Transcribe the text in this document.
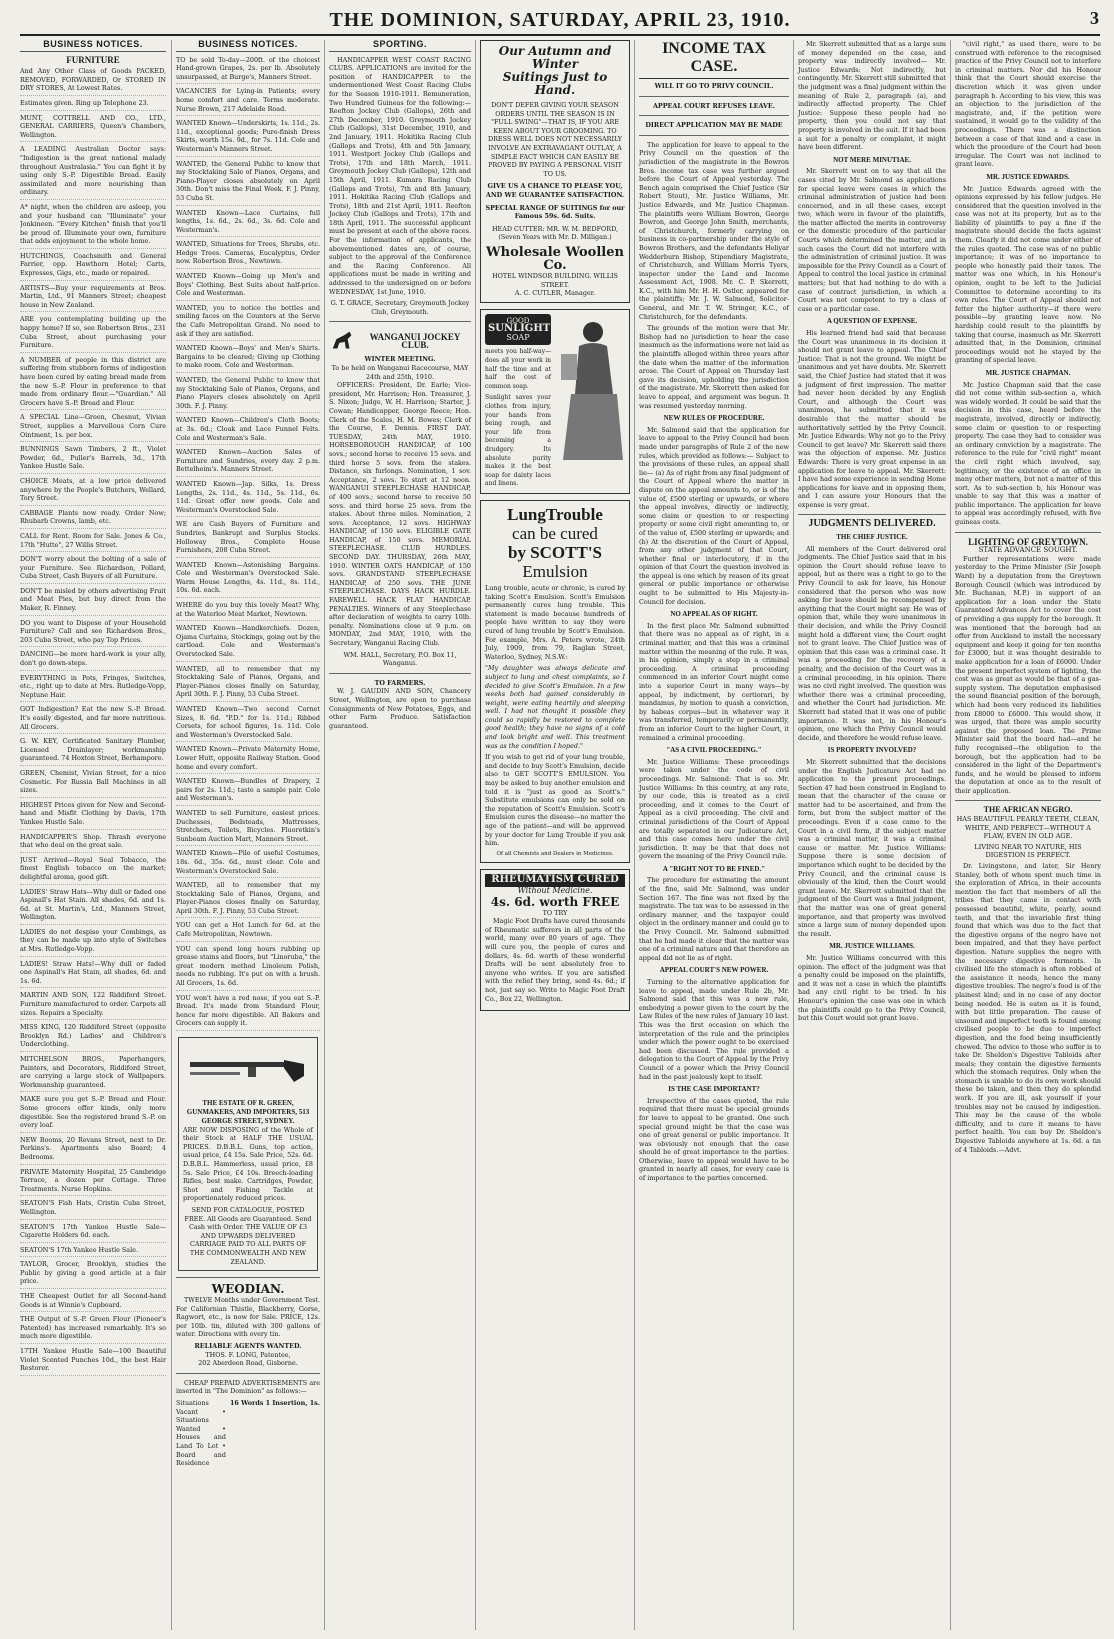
THE DOMINION, SATURDAY, APRIL 23, 1910.	3
BUSINESS NOTICES.
FURNITURE
And Any Other Class of Goods PACKED, REMOVED, FORWARDED, Or STORED IN DRY STORES, At Lowest Rates.
Estimates given. Ring up Telephone 23.
MUNT, COTTRELL AND CO., LTD., GENERAL CARRIERS, Queen's Chambers, Wellington.
A LEADING Australian Doctor says: "Indigestion is the great national malady throughout Australasia." You can fight it by using only S.-P. Digestible Bread. Easily assimilated and more nourishing than ordinary.
A* night, when the children are asleep, you and your husband can "Illuminate" your Jonkineen. "Every Kitchen" finish that you'll be proud of. Illuminate your own, furniture that adds enjoyment to the whole home.
HUTCHINGS, Coachsmith and General Farrier, opp. Hawthorn Hotel; Carts, Expresses, Gigs, etc., made or repaired.
ARTISTS—Buy your requirements at Bros. Martin, Ltd., 91 Manners Street; cheapest house in New Zealand.
ARE you contemplating building up the happy home? If so, see Robertson Bros., 231 Cuba Street, about purchasing your Furniture.
A NUMBER of people in this district are suffering from stubborn forms of indigestion have been cured by eating bread made from the new S.-P. Flour in preference to that made from ordinary flour.—"Guardian." All Grocers have S.-P. Bread and Flour.
A SPECIAL Line—Green, Chesnut, Vivian Street, supplies a Marvellous Corn Cure Ointment, 1s. per box.
BUNNINGS Sawn Timbers, 2 ft., Violet Powder, 6d., Puller's Barrels, 3d., 17th Yankee Hustle Sale.
CHOICE Meats, at a low price delivered anywhere by the People's Butchers, Wellard, Tory Street.
CABBAGE Plants now ready. Order Now; Rhubarb Crowns, lamb, etc.
CALL for Rent. Room for Sale. Jones & Co., 17th "Hutte", 27 Willis Street.
DON'T worry about the bolting of a sale of your Furniture. See Richardson, Pollard, Cuba Street, Cash Buyers of all Furniture.
DON'T be misled by others advertising Fruit and Meat Pies, but buy direct from the Maker, R. Finney.
DO you want to Dispose of your Household Furniture? Call and see Richardson Bros., 203 Cuba Street, who pay Top Prices.
DANCING—be more hard-work is your ally, don't go down-steps.
EVERYTHING in Pots, Fringes, Switches, etc., right up to date at Mrs. Rutledge-Vopp, Neptune Hair.
GOT Indigestion? Eat the new S.-P. Bread. It's easily digested, and far more nutritious. All Grocers.
G. W. KEY, Certificated Sanitary Plumber, Licensed Drainlayer; workmanship guaranteed. 74 Hoxton Street, Berhampore.
GREEN, Chemist, Vivian Street, for a nice Cosmetic. For Russia Ball Machines in all sizes.
HIGHEST Prices given for New and Second-hand and Misfit Clothing by Davis, 17th Yankee Hustle Sale.
HANDICAPPER'S Shop. Thrash everyone that who deal on the great sale.
JUST Arrived—Royal Seal Tobacco, the finest English tobacco on the market; delightful aroma, good gift.
LADIES' Straw Hats—Why dull or faded one Aspinall's Hat Stain. All shades, 6d. and 1s. 6d. at St. Martin's, Ltd., Manners Street, Wellington.
LADIES do not despise your Combings, as they can be made up into style of Switches at Mrs. Rutledge-Vopp.
LADIES! Straw Hats!—Why dull or faded one Aspinall's Hat Stain, all shades, 6d. and 1s. 6d.
MARTIN AND SON, 122 Riddiford Street. Furniture manufactured to order. Carpets all sizes. Repairs a Specialty.
MISS KING, 120 Riddiford Street (opposite Brooklyn Rd.) Ladies' and Children's Underclothing.
MITCHELSON BROS., Paperhangers, Painters, and Decorators, Riddiford Street, are carrying a large stock of Wallpapers. Workmanship guaranteed.
MAKE sure you get S.-P. Bread and Flour. Some grocers offer kinds, only more digestible. See the registered brand S.-P. on every loaf.
NEW Booms, 20 Revans Street, next to Dr. Perkins's. Apartments also Board; 4 Bedrooms.
PRIVATE Maternity Hospital, 25 Cambridge Terrace, a dozen per Cottage. Three Treatments. Nurse Hopkins.
SEATON'S Fish Hats, Cristin Cuba Street, Wellington.
SEATON'S 17th Yankee Hustle Sale—Cigarette Holders 6d. each.
SEATON'S 17th Yankee Hustle Sale.
TAYLOR, Grocer, Brooklyn, studies the Public by giving a good article at a fair price.
THE Cheapest Outlet for all Second-hand Goods is at Winnie's Cupboard.
THE Output of S.-P. Green Flour (Pioneer's Patented) has increased remarkably. It's so much more digestible.
17TH Yankee Hustle Sale—100 Beautiful Violet Scented Punches 10d., the best Hair Restorer.
BUSINESS NOTICES.
TO be sold To-day—200ft. of the choicest Hand-grown Grapes, 2s. per lb. Absolutely unsurpassed, at Burge's, Manners Street.
VACANCIES for Lying-in Patients; every home comfort and care. Terms moderate. Nurse Brown, 217 Adelaide Road.
WANTED Known—Underskirts, 1s. 11d., 2s. 11d., exceptional goods; Pure-finish Dress Skirts, worth 15s. 9d., for 7s. 11d. Cole and Westerman's Manners Street.
WANTED, the General Public to know that my Stocktaking Sale of Pianos, Organs, and Piano-Player closes absolutely on April 30th. Don't miss the Final Week. F. J. Pinny, 53 Cuba St.
WANTED Known—Lace Curtains, full lengths, 1s. 6d., 2s. 6d., 3s. 6d. Cole and Westerman's.
WANTED, Situations for Trees, Shrubs, etc. Hedge Trees. Cameras, Eucalyptus, Order now. Robertson Bros., Newtown.
WANTED Known—Going up Men's and Boys' Clothing. Best Suits about half-price. Cole and Westerman.
WANTED, you to notice the bottles and smiling faces on the Counters at the Serve the Cafe Metropolitan Grand. No need to ask if they are satisfied.
WANTED Known—Boys' and Men's Shirts. Bargains to be cleared; Giving up Clothing to make room. Cole and Westerman.
WANTED, the General Public to know that my Stocktaking Sale of Pianos, Organs, and Piano Players closes absolutely on April 30th. F. J. Pinny.
WANTED Known—Children's Cloth Boots; at 3s. 6d.; Cloak and Lace Funnel Felts. Cole and Westerman's Sale.
WANTED Known—Auction Sales of Furniture and Sundries, every day. 2 p.m. Bettelheim's. Manners Street.
WANTED Known—Jap. Silks, 1s. Dress Lengths, 2s. 11d., 4s. 11d., 5s. 11d., 6s. 11d. Great offer new goods. Cole and Westerman's Overstocked Sale.
WE are Cash Buyers of Furniture and Sundries, Bankrupt and Surplus Stocks. Holloway Bros., Complete House Furnishers, 208 Cuba Street.
WANTED Known—Astonishing Bargains. Cole and Westerman's Overstocked Sale. Warm House Lengths, 4s. 11d., 8s. 11d., 10s. 6d. each.
WHERE do you buy this lovely Meat? Why, at the Waterloo Meat Market, Newtown.
WANTED Known—Handkerchiefs. Dozen, Ojama Curtains, Stockings, going out by the cartload. Cole and Westerman's Overstocked Sale.
WANTED, all to remember that my Stocktaking Sale of Pianos, Organs, and Player-Pianos closes finally on Saturday, April 30th. F. J. Pinny, 53 Cuba Street.
WANTED Known—Two second Cornet Sizes, 8. 6d. "P.D." for 1s. 11d.; Ribbed Corsets, for school figures, 1s. 11d. Cole and Westerman's Overstocked Sale.
WANTED Known—Private Maternity Home, Lower Hutt, opposite Railway Station. Good home and every comfort.
WANTED Known—Bundles of Drapery, 2 pairs for 2s. 11d.; taste a sample pair. Cole and Westerman's.
WANTED to sell Furniture, easiest prices. Duchesses, Bedsteads, Mattresses, Stretchers, Toilets, Bicycles. Fluoretkin's Sunbeam Auction Mart, Manners Street.
WANTED Known—Pile of useful Costumes, 18s. 6d., 35s. 6d., must clear. Cole and Westerman's Overstocked Sale.
WANTED, all to remember that my Stocktaking Sale of Pianos, Organs, and Player-Pianos closes finally on Saturday, April 30th. F. J. Pinny, 53 Cuba Street.
YOU can get a Hot Lunch for 6d. at the Cafe Metropolitan, Newtown.
YOU can spend long hours rubbing up grease stains and floors, but "Linoruba," the great modern method Linoleum Polish, needs no rubbing. It's put on with a brush. All Grocers, 1s. 6d.
YOU won't have a red nose, if you eat S.-P. Bread. It's made from Standard Flour, hence far more digestible. All Bakers and Grocers can supply it.
THE ESTATE OF R. GREEN, GUNMAKERS, AND IMPORTERS, 513 GEORGE STREET, SYDNEY.
ARE NOW DISPOSING of the Whole of their Stock at HALF THE USUAL PRICES. D.B.B.L. Guns, top action, usual price, £4 15s. Sale Price, 52s. 6d. D.B.B.L. Hammerless, usual price, £8 5s. Sale Price, £4 10s. Breech-loading Rifles, best make. Cartridges, Powder, Shot and Fishing Tackle at proportionately reduced prices.
SEND FOR CATALOGUE, POSTED FREE. All Goods are Guaranteed. Send Cash with Order. THE VALUE OF £3 AND UPWARDS DELIVERED CARRIAGE PAID TO ALL PARTS OF THE COMMONWEALTH AND NEW ZEALAND.
WEODIAN.
TWELVE Months under Government Test. For Californian Thistle, Blackberry, Gorse, Ragwort, etc., is now for Sale. PRICE, 12s. per 10lb. tin, diluted with 300 gallons of water. Directions with every tin.
RELIABLE AGENTS WANTED.
THOS. F. LONG, Patentee,
202 Aberdeen Road, Gisborne.
CHEAP PREPAID ADVERTISEMENTS are inserted in "The Dominion" as follows:—
Situations Vacant • Situations Wanted • Houses and Land To Let • Board and Residence
16 Words 1 Insertion, 1s.
SPORTING.
HANDICAPPER WEST COAST RACING CLUBS. APPLICATIONS are invited for the position of HANDICAPPER to the undermentioned West Coast Racing Clubs for the Season 1910-1911. Remuneration, Two Hundred Guineas for the following:— Reefton Jockey Club (Gallops), 26th and 27th December, 1910. Greymouth Jockey Club (Gallops), 31st December, 1910, and 2nd January, 1911. Hokitika Racing Club (Gallops and Trots), 4th and 5th January, 1911. Westport Jockey Club (Gallops and Trots), 17th and 18th March, 1911. Greymouth Jockey Club (Gallops), 12th and 15th April, 1911. Kumara Racing Club (Gallops and Trots), 7th and 8th January, 1911. Hokitika Racing Club (Gallops and Trots), 18th and 21st April, 1911. Reefton Jockey Club (Gallops and Trots), 17th and 18th April, 1911. The successful applicant must be present at each of the above races. For the information of applicants, the abovementioned dates are, of course, subject to the approval of the Conference and the Racing Conference. All applications must be made in writing and addressed to the undersigned on or before WEDNESDAY, 1st June, 1910.
G. T. GRACE, Secretary, Greymouth Jockey Club, Greymouth.
WANGANUI JOCKEY CLUB.
WINTER MEETING.
To be held on Wanganui Racecourse, MAY 24th and 25th, 1910.
OFFICERS: President, Dr. Earle; Vice-president, Mr. Harrison; Hon. Treasurer, J. S. Nixon; Judge, W. H. Harrison; Starter, J. Cowan; Handicapper, George Reece; Hon. Clerk of the Scales, H. M. Bowes; Clerk of the Course, F. Dennis. FIRST DAY. TUESDAY, 24th MAY, 1910. HORSEBOROUGH HANDICAP, of 100 sovs.; second horse to receive 15 sovs. and third horse 5 sovs. from the stakes. Distance, six furlongs. Nomination, 1 sov. Acceptance, 2 sovs. To start at 12 noon. WANGANUI STEEPLECHASE HANDICAP, of 400 sovs.; second horse to receive 50 sovs. and third horse 25 sovs. from the stakes. About three miles. Nomination, 2 sovs. Acceptance, 12 sovs. HIGHWAY HANDICAP, of 150 sovs. ELIGIBLE GATE HANDICAP, of 150 sovs. MEMORIAL STEEPLECHASE. CLUB HURDLES. SECOND DAY. THURSDAY, 26th MAY, 1910. WINTER OATS HANDICAP, of 150 sovs. GRANDSTAND STEEPLECHASE HANDICAP, of 250 sovs. THE JUNE STEEPLECHASE. DAYS HACK HURDLE. FAREWELL HACK FLAT HANDICAP. PENALTIES. Winners of any Steeplechase after declaration of weights to carry 10lb. penalty. Nominations close at 9 p.m. on MONDAY, 2nd MAY, 1910, with the Secretary, Wanganui Racing Club.
WM. HALL, Secretary, P.O. Box 11, Wanganui.
TO FARMERS.
W. J. GAUDIN AND SON, Chancery Street, Wellington, are open to purchase Consignments of New Potatoes, Eggs, and other Farm Produce. Satisfaction guaranteed.
Our Autumn and Winter
Suitings Just to Hand.
DON'T DEFER GIVING YOUR SEASON ORDERS UNTIL THE SEASON IS IN "FULL SWING"—THAT IS, IF YOU ARE KEEN ABOUT YOUR GROOMING. TO DRESS WELL DOES NOT NECESSARILY INVOLVE AN EXTRAVAGANT OUTLAY, A SIMPLE FACT WHICH CAN EASILY BE PROVED BY PAYING A PERSONAL VISIT TO US.
GIVE US A CHANCE TO PLEASE YOU, AND WE GUARANTEE SATISFACTION.
SPECIAL RANGE OF SUITINGS for our Famous 59s. 6d. Suits.
HEAD CUTTER: MR. W. M. BEDFORD, (Seven Years with Mr. D. Milligan.)
Wholesale Woollen Co.
HOTEL WINDSOR BUILDING. WILLIS STREET.
A. C. CUTLER, Manager.
GOOD
SUNLIGHT
SOAP
meets you half-way—does all your work in half the time and at half the cost of common soap.
Sunlight saves your clothes from injury, your hands from being rough, and your life from becoming a drudgery. Its absolute purity makes it the best soap for dainty laces and linens.
LungTrouble
can be cured
by SCOTT'S
Emulsion
Lung trouble, acute or chronic, is cured by taking Scott's Emulsion. Scott's Emulsion permanently cures lung trouble. This statement is made because hundreds of people have written to say they were cured of lung trouble by Scott's Emulsion. For example, Mrs. A. Peters wrote, 24th July, 1909, from 79, Raglan Street, Waterloo, Sydney, N.S.W.:
"My daughter was always delicate and subject to lung and chest complaints, so I decided to give Scott's Emulsion. In a few weeks both had gained considerably in weight, were eating heartily and sleeping well. I had not thought it possible they could so rapidly be restored to complete good health; they have no signs of a cold and look bright and well. This treatment was as the condition I hoped."
If you wish to get rid of your lung trouble, and decide to buy Scott's Emulsion, decide also to GET SCOTT'S EMULSION. You may be asked to buy another emulsion and told it is "just as good as Scott's." Substitute emulsions can only be sold on the reputation of Scott's Emulsion. Scott's Emulsion cures the disease—no matter the age of the patient—and will be approved by your doctor for Lung Trouble if you ask him.
Of all Chemists and Dealers in Medicines.
RHEUMATISM CURED
Without Medicine.
4s. 6d. worth FREE
TO TRY
Magic Foot Drafts have cured thousands of Rheumatic sufferers in all parts of the world, many over 80 years of age. They will cure you, the people of cures and dollars, 4s. 6d. worth of these wonderful Drafts will be sent absolutely free to anyone who writes. If you are satisfied with the relief they bring, send 4s. 6d.; if not, just say so. Write to Magic Foot Draft Co., Box 22, Wellington.
INCOME TAX CASE.
WILL IT GO TO PRIVY COUNCIL.
APPEAL COURT REFUSES LEAVE.
DIRECT APPLICATION MAY BE MADE
The application for leave to appeal to the Privy Council on the question of the jurisdiction of the magistrate in the Bowron Bros. income tax case was further argued before the Court of Appeal yesterday. The Bench again comprised the Chief Justice (Sir Robert Stout), Mr. Justice Williams, Mr. Justice Edwards, and Mr. Justice Chapman. The plaintiffs were William Bowron, George Bowron, and George John Smith, merchants, of Christchurch, formerly carrying on business in co-partnership under the style of Bowron Brothers, and the defendants Heliyar Wedderburn Bishop, Stipendiary Magistrate, of Christchurch, and William Morris Tyers, inspector under the Land and Income Assessment Act, 1908. Mr. C. P. Skerrett, K.C., with him Mr. H. H. Ostler, appeared for the plaintiffs; Mr. J. W. Salmond, Solicitor-General, and Mr. T. W. Stringer, K.C., of Christchurch, for the defendants.
The grounds of the motion were that Mr. Bishop had no jurisdiction to hear the case inasmuch as the informations were not laid as the plaintiffs alleged within three years after the date when the matter of the information arose. The Court of Appeal on Thursday last gave its decision, upholding the jurisdiction of the magistrate. Mr. Skerrett then asked for leave to appeal, and argument was begun. It was resumed yesterday morning.
NEW RULES OF PROCEDURE.
Mr. Salmond said that the application for leave to appeal to the Privy Council had been made under paragraphs of Rule 2 of the new rules, which provided as follows:— Subject to the provisions of these rules, an appeal shall lie— (a) As of right from any final judgment of the Court of Appeal where the matter in dispute on the appeal amounts to, or is of the value of, £500 sterling or upwards, or where the appeal involves, directly or indirectly, some claim or question to or respecting property or some civil right amounting to, or of the value of, £500 sterling or upwards; and (b) At the discretion of the Court of Appeal, from any other judgment of that Court, whether final or interlocutory, if in the opinion of that Court the question involved in the appeal is one which by reason of its great general or public importance or otherwise ought to be submitted to His Majesty-in-Council for decision.
NO APPEAL AS OF RIGHT.
In the first place Mr. Salmond submitted that there was no appeal as of right, in a criminal matter, and that this was a criminal matter within the meaning of the rule. It was, in his opinion, simply a step in a criminal proceeding. A criminal proceeding commenced in an inferior Court might come into a superior Court in many ways—by appeal, by indictment, by certiorari, by mandamus, by motion to quash a conviction, by habeas corpus—but in whatever way it was transferred, temporarily or permanently, from an inferior Court to the higher Court, it remained a criminal proceeding.
"AS A CIVIL PROCEEDING."
Mr. Justice Williams: These proceedings were taken under the code of civil proceedings. Mr. Salmond: That is so. Mr. Justice Williams: In this country, at any rate, by our code, this is treated as a civil proceeding, and it comes to the Court of Appeal as a civil proceeding. The civil and criminal jurisdictions of the Court of Appeal are totally separated in our Judicature Act, and this case comes here under the civil jurisdiction. It may be that that does not govern the meaning of the Privy Council rule.
A "RIGHT NOT TO BE FINED."
The procedure for estimating the amount of the fine, said Mr. Salmond, was under Section 167. The fine was not fixed by the magistrate. The tax was to be assessed in the ordinary manner, and the taxpayer could object in the ordinary manner and could go to the Privy Council. Mr. Salmond submitted that he had made it clear that the matter was one of a criminal nature and that therefore an appeal did not lie as of right.
APPEAL COURT'S NEW POWER.
Turning to the alternative application for leave to appeal, made under Rule 2b, Mr. Salmond said that this was a new rule, embodying a power given to the court by the Law Rules of the new rules of January 10 last. This was the first occasion on which the interpretation of the rule and the principles under which the power ought to be exercised had been discussed. The rule provided a delegation to the Court of Appeal by the Privy Council of a power which the Privy Council had in the past jealously kept to itself.
IS THE CASE IMPORTANT?
Irrespective of the cases quoted, the rule required that there must be special grounds for leave to appeal to be granted. One such special ground might be that the case was one of great general or public importance. It was obviously not enough that the case should be of great importance to the parties. Otherwise, leave to appeal would have to be granted in nearly all cases, for every case is of importance to the parties concerned.
Mr. Skerrett submitted that as a large sum of money depended on the case, and property was indirectly involved— Mr. Justice Edwards: Not indirectly, but contingently. Mr. Skerrett still submitted that the judgment was a final judgment within the meaning of Rule 2, paragraph (a), and indirectly affected property. The Chief Justice: Suppose these people had no property, then you could not say that property is involved in the suit. If it had been a suit for a penalty or complaint, it might have been different.
NOT MERE MINUTIAE.
Mr. Skerrett went on to say that all the cases cited by Mr. Salmond as applications for special leave were cases in which the criminal administration of justice had been concerned, and in all these cases, except two, which were in favour of the plaintiffs, the matter affected the merits in controversy or the domestic procedure of the particular Courts which determined the matter, and in such cases the Court did not interfere with the administration of criminal justice. It was impossible for the Privy Council as a Court of Appeal to control the local justice in criminal matters; but that had nothing to do with a case of contract jurisdiction, in which a Court was not competent to try a class of case or a particular case.
A QUESTION OF EXPENSE.
His learned friend had said that because the Court was unanimous in its decision it should not grant leave to appeal. The Chief Justice: That is not the ground. We might be unanimous and yet have doubts. Mr. Skerrett said, the Chief Justice had stated that it was a judgment of first impression. The matter had never been decided by any English Court, and although the Court was unanimous, he submitted that it was desirable that the matter should be authoritatively settled by the Privy Council. Mr. Justice Edwards: Why not go to the Privy Council to get leave? Mr. Skerrett said there was the objection of expense. Mr. Justice Edwards: There is very great expense in an application for leave to appeal. Mr. Skerrett: I have had some experience in sending Home applications for leave and in opposing them, and I can assure your Honours that the expense is very great.
JUDGMENTS DELIVERED.
THE CHIEF JUSTICE.
All members of the Court delivered oral judgments. The Chief Justice said that in his opinion the Court should refuse leave to appeal, but as there was a right to go to the Privy Council to ask for leave, his Honour considered that the person who was now asking for leave should be recompensed by anything that the Court might say. He was of opinion that, while they were unanimous in their decision, and while the Privy Council might hold a different view, the Court ought not to grant leave. The Chief Justice was of opinion that this case was a criminal case. It was a proceeding for the recovery of a penalty, and the decision of the Court was in a criminal proceeding, in his opinion. There was no civil right involved. The question was whether there was a criminal proceeding, and whether the Court had jurisdiction. Mr. Skerrett had stated that it was one of public importance. It was not, in his Honour's opinion, one which the Privy Council would decide, and therefore he would refuse leave.
IS PROPERTY INVOLVED?
Mr. Skerrett submitted that the decisions under the English Judicature Act had no application to the present proceedings. Section 47 had been construed in England to mean that the character of the cause or matter had to be ascertained, and from the form, but from the subject matter of the proceedings. Even if a case came to the Court in a civil form, if the subject matter was a criminal matter, it was a criminal cause or matter. Mr. Justice Williams: Suppose there is some decision of importance which ought to be decided by the Privy Council, and the criminal cause is obviously of the kind, then the Court would grant leave. Mr. Skerrett submitted that the judgment of the Court was a final judgment, that the matter was one of great general importance, and that property was involved since a large sum of money depended upon the result.
MR. JUSTICE WILLIAMS.
Mr. Justice Williams concurred with this opinion. The effect of the judgment was that a penalty could be imposed on the plaintiffs, and it was not a case in which the plaintiffs had any civil right to be tried. In his Honour's opinion the case was one in which the plaintiffs could go to the Privy Council, but this Court would not grant leave.
"civil right," as used there, were to be construed with reference to the recognised practice of the Privy Council not to interfere in criminal matters. Nor did his Honour think that the Court should exercise the discretion which it was given under paragraph b. According to his view, this was an objection to the jurisdiction of the magistrate, and, if the petition were sustained, it would go to the validity of the proceedings. There was a distinction between a case of that kind and a case in which the procedure of the Court had been irregular. The Court was not inclined to grant leave.
MR. JUSTICE EDWARDS.
Mr. Justice Edwards agreed with the opinions expressed by his fellow judges. He considered that the question involved in the case was not at its property, but as to the liability of plaintiffs to pay a fine if the magistrate should decide the facts against them. Clearly it did not come under either of the rules quoted. The case was of no public importance; it was of no importance to people who honestly paid their taxes. The matter was one which, in his Honour's opinion, ought to be left to the Judicial Committee to determine according to its own rules. The Court of Appeal should not fetter the higher authority—if there were possible—by granting leave now. No hardship could result to the plaintiffs by taking that course, inasmuch as Mr. Skerrett admitted that, in the Dominion, criminal proceedings would not be stayed by the granting of special leave.
MR. JUSTICE CHAPMAN.
Mr. Justice Chapman said that the case did not come within sub-section a, which was widely worded. It could be said that the decision in this case, heard before the magistrate, involved, directly or indirectly, some claim or question to or respecting property. The case they had to consider was an ordinary conviction by a magistrate. The reference to the rule for "civil right" meant the civil right which involved, say, legitimacy, or the existence of an office in many other matters, but not a matter of this sort. As to sub-section b, his Honour was unable to say that this was a matter of public importance. The application for leave to appeal was accordingly refused, with five guineas costs.
LIGHTING OF GREYTOWN.
STATE ADVANCE SOUGHT.
Further representations were made yesterday to the Prime Minister (Sir Joseph Ward) by a deputation from the Greytown Borough Council (which was introduced by Mr. Buchanan, M.P.) in support of an application for a loan under the State Guaranteed Advances Act to cover the cost of providing a gas supply for the borough. It was mentioned that the borough had an offer from Auckland to install the necessary equipment and keep it going for ten months for £3000, but it was thought desirable to make application for a loan of £6000. Under the present imperfect system of lighting, the cost was as great as would be that of a gas-supply system. The deputation emphasised the sound financial position of the borough, which had been very reduced its liabilities from £8000 to £6000. This would show, it was urged, that there was ample security against the proposed loan. The Prime Minister said that the board had—and he fully recognised—the obligation to the borough, but the application had to be considered in the light of the Department's funds, and he would be pleased to inform the deputation at once as to the result of their application.
THE AFRICAN NEGRO.
HAS BEAUTIFUL PEARLY TEETH, CLEAN, WHITE, AND PERFECT—WITHOUT A FLAW, EVEN IN OLD AGE.
LIVING NEAR TO NATURE, HIS DIGESTION IS PERFECT.
Dr. Livingstone, and later, Sir Henry Stanley, both of whom spent much time in the exploration of Africa, in their accounts mention the fact that members of all the tribes that they came in contact with possessed beautiful, white, pearly, sound teeth, and that the invariable first thing found that which was due to the fact that the digestive organs of the negro have not been impaired, and that they have perfect digestion. Nature supplies the negro with the necessary digestive ferments. In civilised life the stomach is often robbed of the assistance it needs, hence the many digestive troubles. The negro's food is of the plainest kind; and in no case of any doctor being needed. He is eaten as it is found, with but little preparation. The cause of unsound and imperfect teeth is found among civilised people to be due to imperfect digestion, and the food being insufficiently chewed. The advice to those who suffer is to take Dr. Sheldon's Digestive Tabloids after meals; they contain the digestive ferments which the stomach requires. Only when the stomach is unable to do its own work should these be taken, and then they do splendid work. If you are ill, ask yourself if your troubles may not be caused by indigestion. This may be the cause of the whole difficulty, and to cure it means to have perfect health. You can buy Dr. Sheldon's Digestive Tabloids anywhere at 1s. 6d. a tin of 4 Tabloids.—Advt.
